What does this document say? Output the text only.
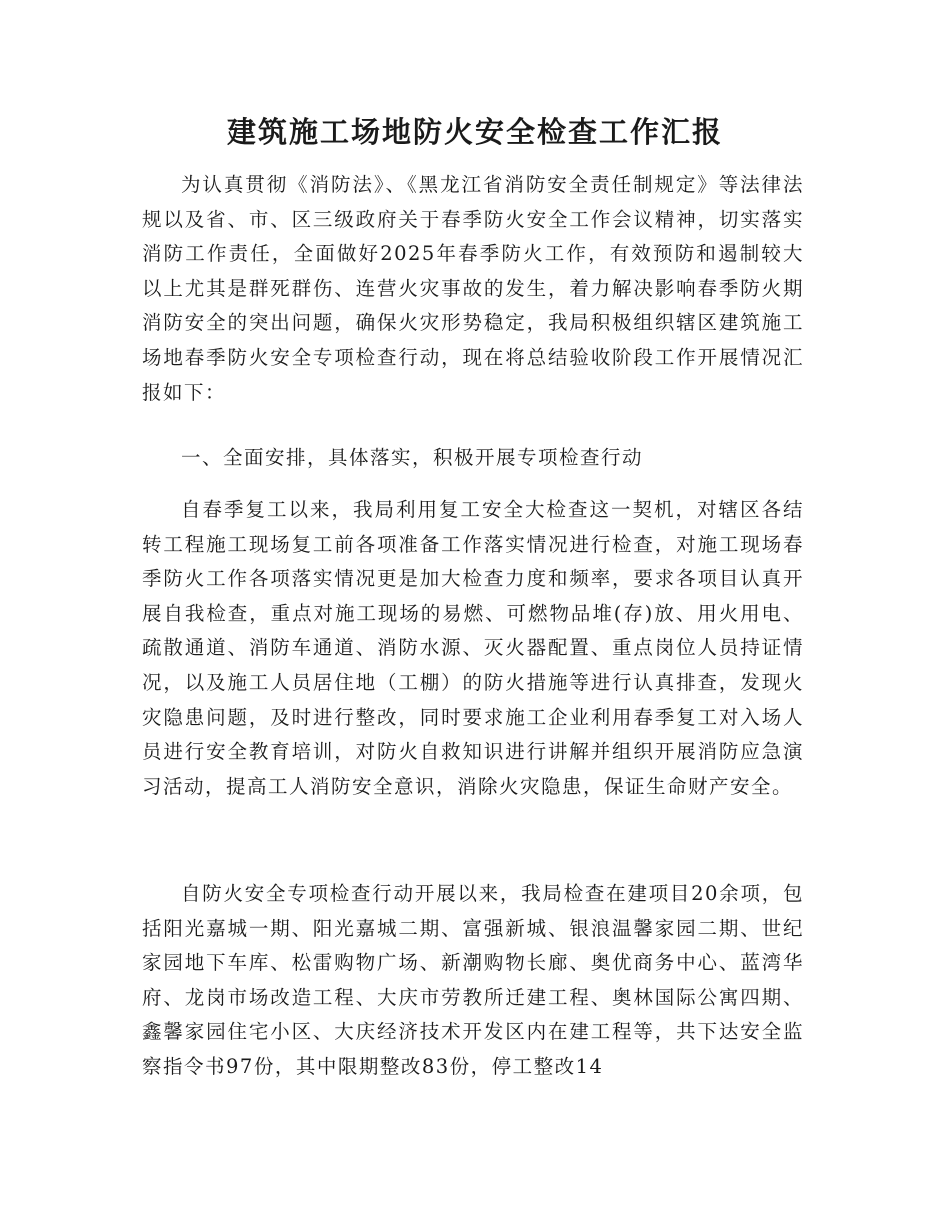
建筑施工场地防火安全检查工作汇报

为认真贯彻《消防法》、《黑龙江省消防安全责任制规定》等法律法规以及省、市、区三级政府关于春季防火安全工作会议精神，切实落实消防工作责任，全面做好2025年春季防火工作，有效预防和遏制较大以上尤其是群死群伤、连营火灾事故的发生，着力解决影响春季防火期消防安全的突出问题，确保火灾形势稳定，我局积极组织辖区建筑施工场地春季防火安全专项检查行动，现在将总结验收阶段工作开展情况汇报如下：

一、全面安排，具体落实，积极开展专项检查行动

自春季复工以来，我局利用复工安全大检查这一契机，对辖区各结转工程施工现场复工前各项准备工作落实情况进行检查，对施工现场春季防火工作各项落实情况更是加大检查力度和频率，要求各项目认真开展自我检查，重点对施工现场的易燃、可燃物品堆(存)放、用火用电、疏散通道、消防车通道、消防水源、灭火器配置、重点岗位人员持证情况，以及施工人员居住地（工棚）的防火措施等进行认真排查，发现火灾隐患问题，及时进行整改，同时要求施工企业利用春季复工对入场人员进行安全教育培训，对防火自救知识进行讲解并组织开展消防应急演习活动，提高工人消防安全意识，消除火灾隐患，保证生命财产安全。

自防火安全专项检查行动开展以来，我局检查在建项目20余项，包括阳光嘉城一期、阳光嘉城二期、富强新城、银浪温馨家园二期、世纪家园地下车库、松雷购物广场、新潮购物长廊、奥优商务中心、蓝湾华府、龙岗市场改造工程、大庆市劳教所迁建工程、奥林国际公寓四期、鑫馨家园住宅小区、大庆经济技术开发区内在建工程等，共下达安全监察指令书97份，其中限期整改83份，停工整改14
